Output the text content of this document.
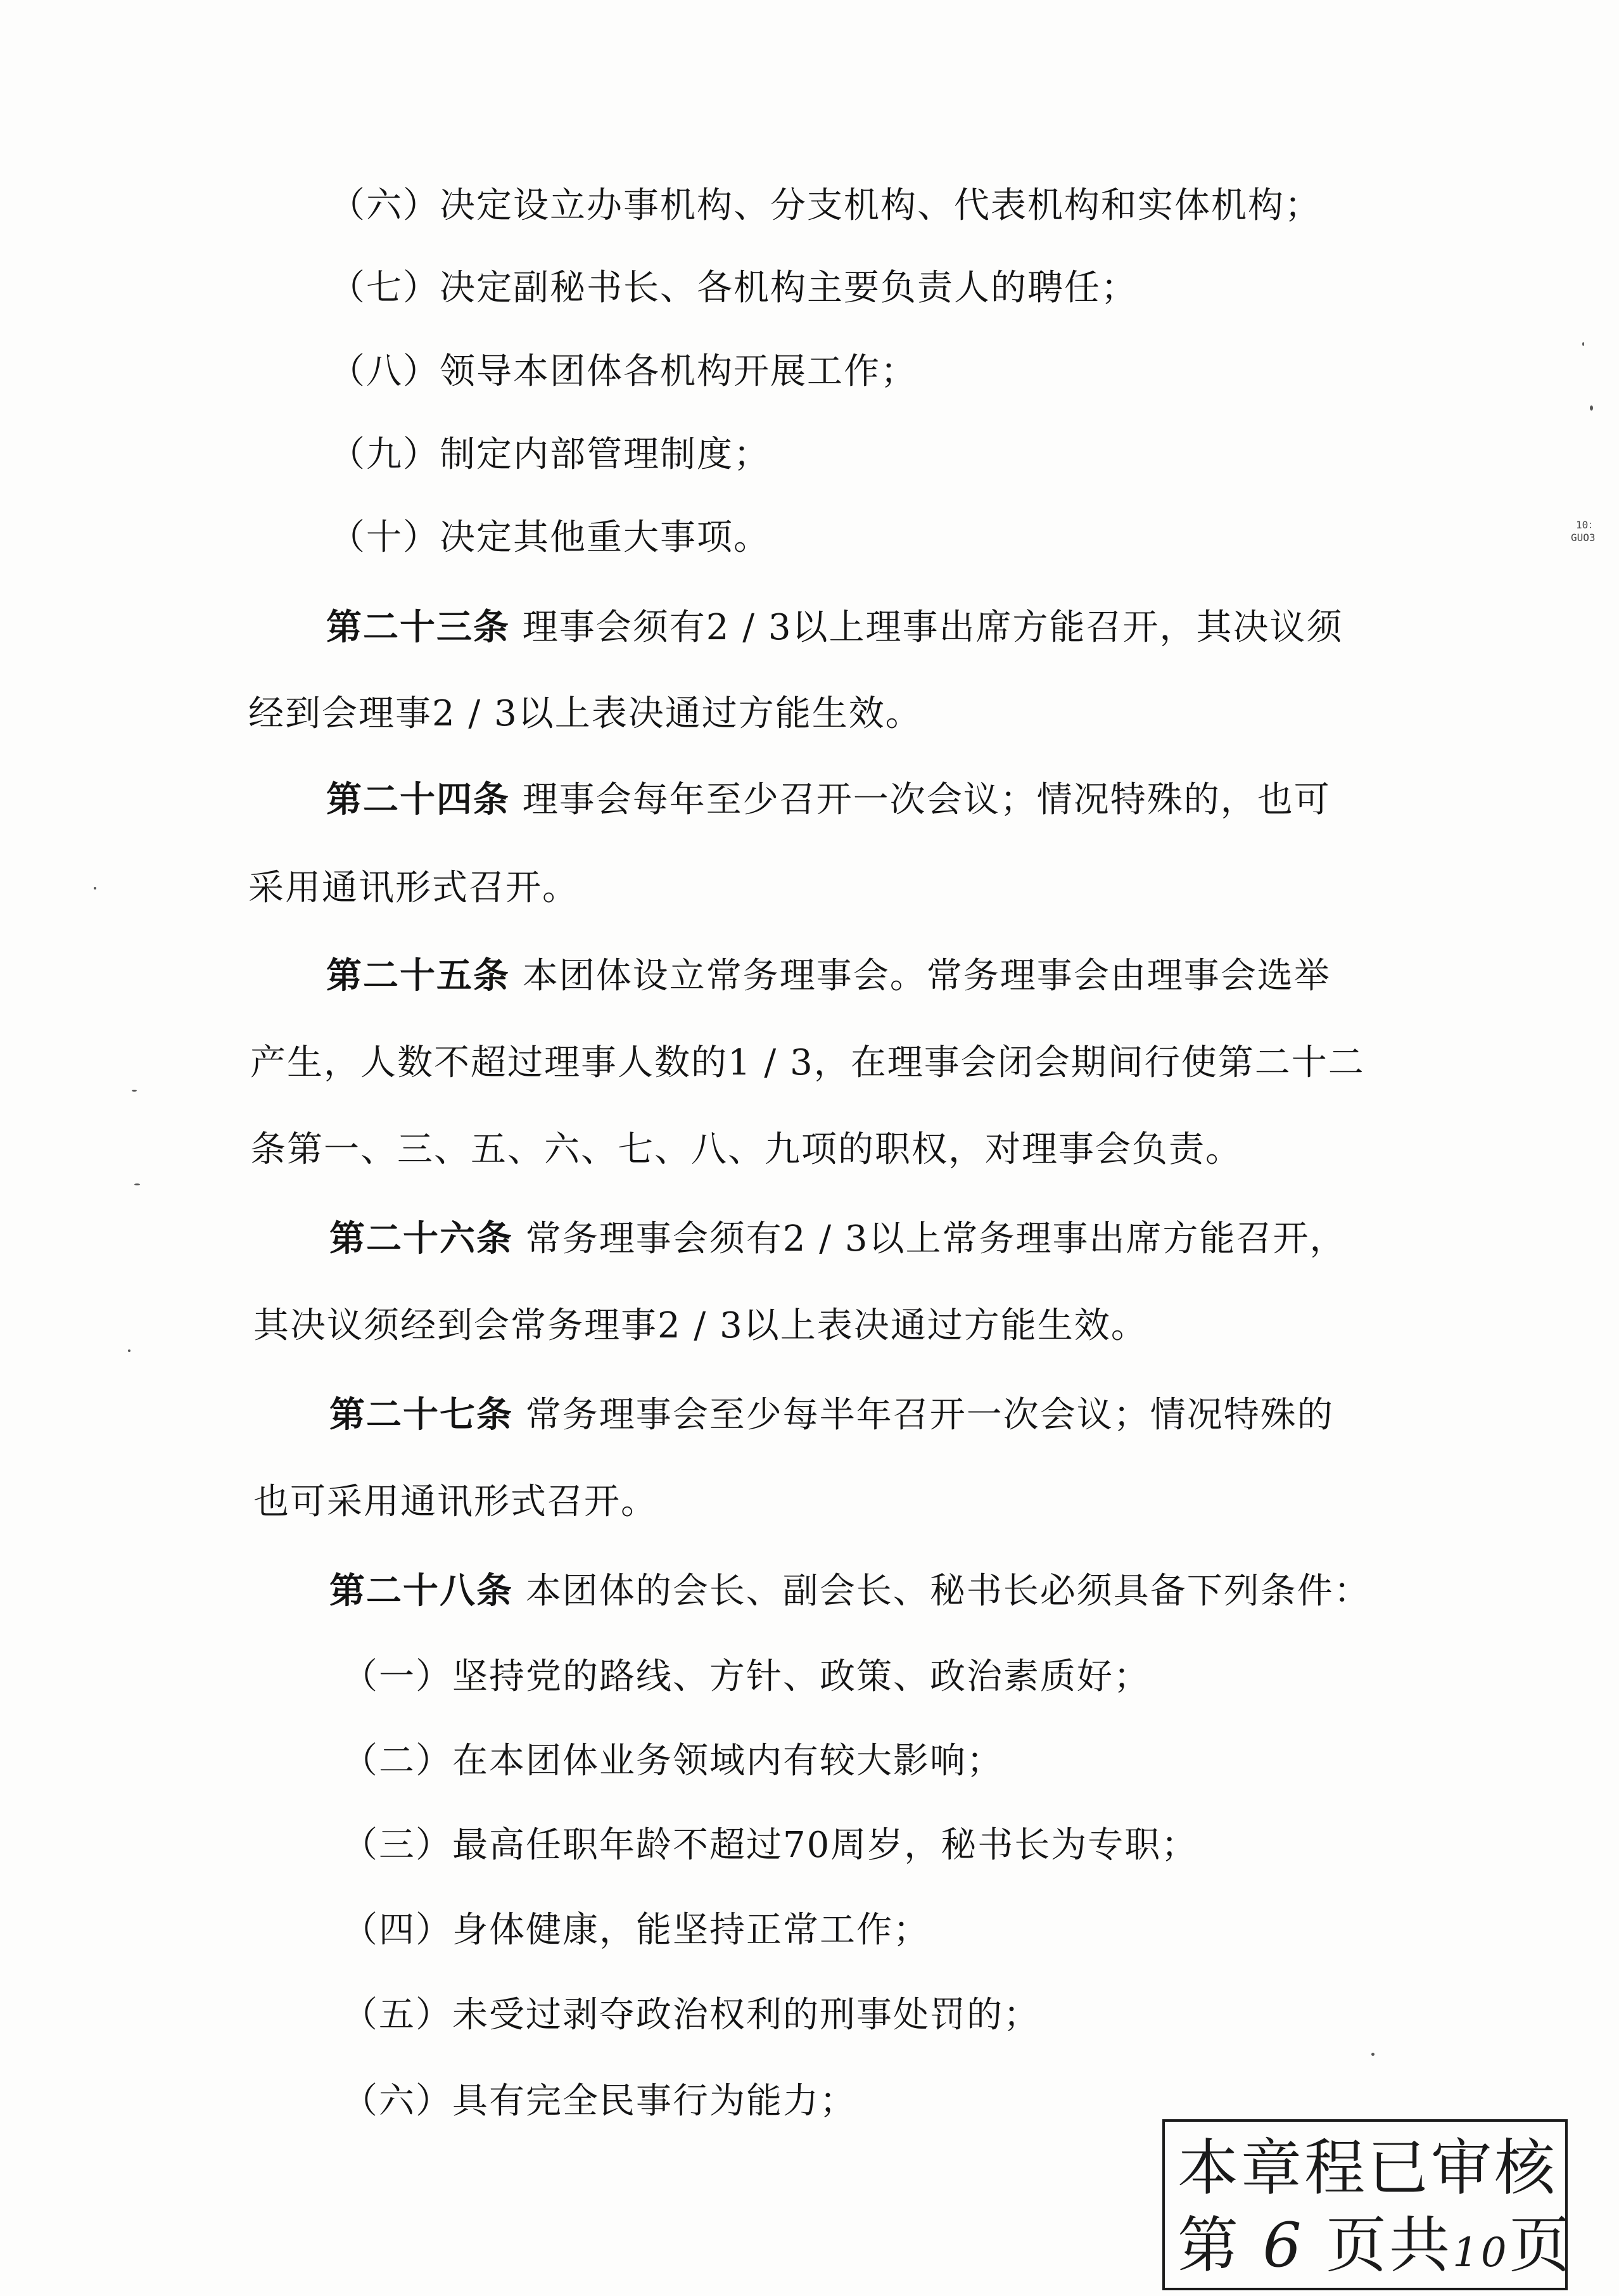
（六）决定设立办事机构、分支机构、代表机构和实体机构；
（七）决定副秘书长、各机构主要负责人的聘任；
（八）领导本团体各机构开展工作；
（九）制定内部管理制度；
（十）决定其他重大事项。
第二十三条 理事会须有2 / 3以上理事出席方能召开，其决议须
经到会理事2 / 3以上表决通过方能生效。
第二十四条 理事会每年至少召开一次会议；情况特殊的，也可
采用通讯形式召开。
第二十五条 本团体设立常务理事会。常务理事会由理事会选举
产生，人数不超过理事人数的1 / 3，在理事会闭会期间行使第二十二
条第一、三、五、六、七、八、九项的职权，对理事会负责。
第二十六条 常务理事会须有2 / 3以上常务理事出席方能召开，
其决议须经到会常务理事2 / 3以上表决通过方能生效。
第二十七条 常务理事会至少每半年召开一次会议；情况特殊的
也可采用通讯形式召开。
第二十八条 本团体的会长、副会长、秘书长必须具备下列条件：
（一）坚持党的路线、方针、政策、政治素质好；
（二）在本团体业务领域内有较大影响；
（三）最高任职年龄不超过70周岁，秘书长为专职；
（四）身体健康，能坚持正常工作；
（五）未受过剥夺政治权利的刑事处罚的；
（六）具有完全民事行为能力；
10：
GUO3
本章程已审核
第 6 页共10页
